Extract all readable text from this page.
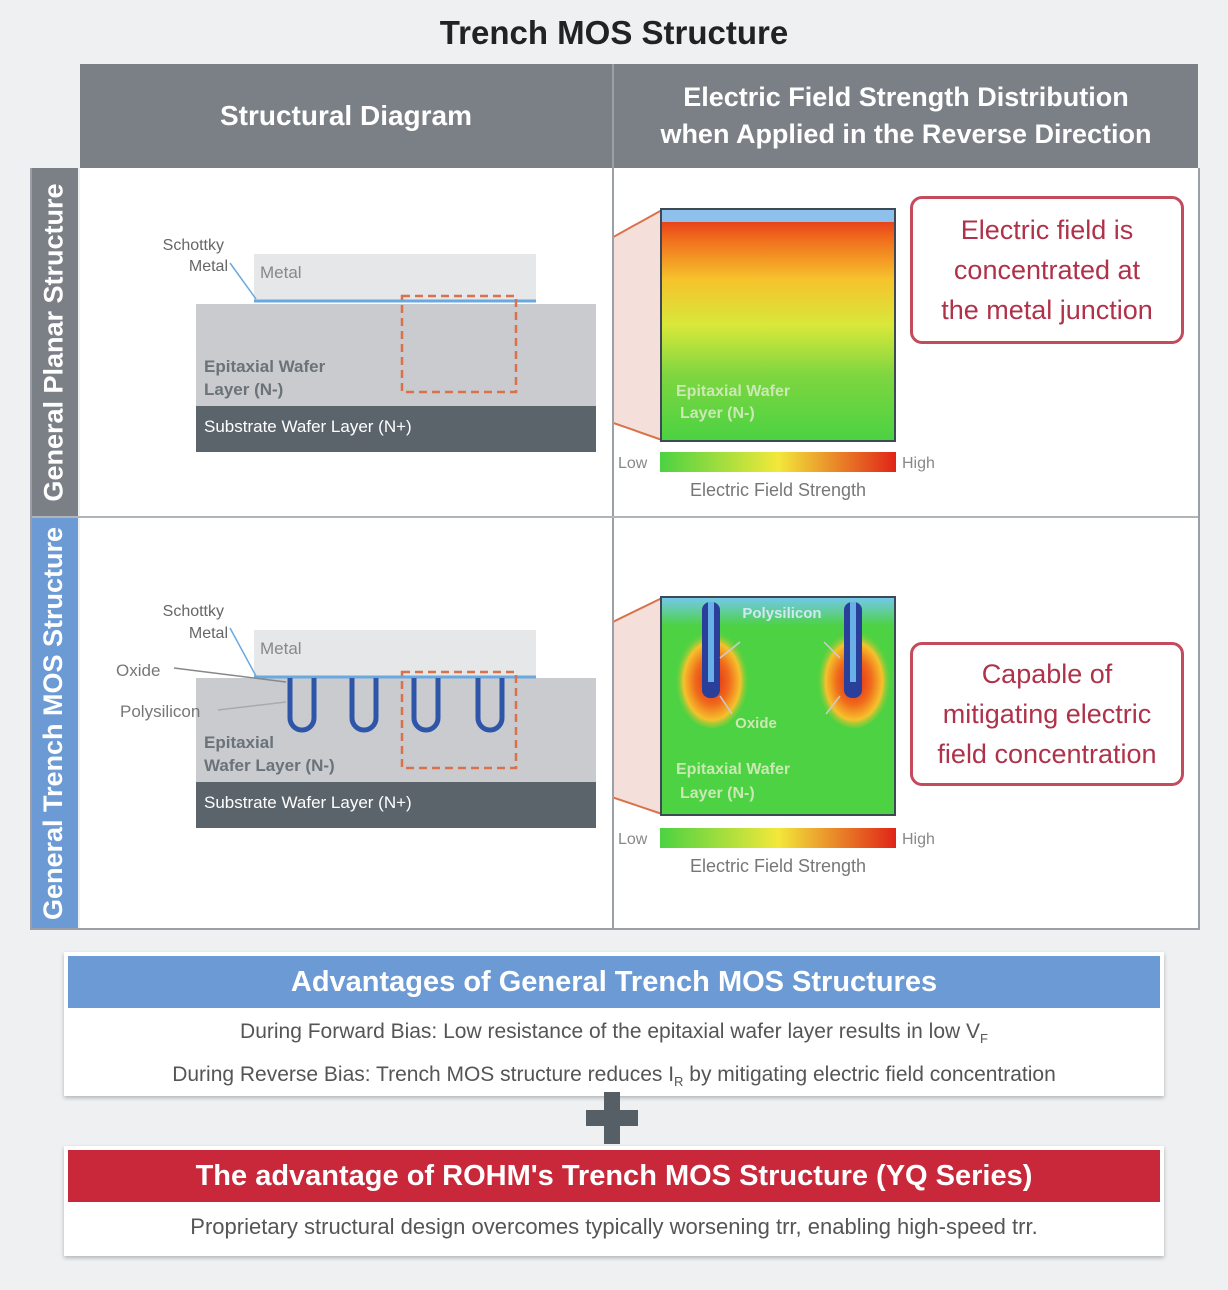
Trench MOS Structure
Structural Diagram
Electric Field Strength Distribution
when Applied in the Reverse Direction
General Planar Structure
General Trench MOS Structure
Schottky
Metal Metal
Epitaxial Wafer
Layer (N-)
Substrate Wafer Layer (N+)
Epitaxial Wafer
Layer (N-)
Low	High
Electric Field Strength
Schottky
Metal
Metal
Oxide
Polysilicon
Epitaxial
Wafer Layer (N-)
Substrate Wafer Layer (N+)
Polysilicon
Oxide
Epitaxial Wafer
Layer (N-)
Low	High
Electric Field Strength
Electric field is
concentrated at
the metal junction
Capable of
mitigating electric
field concentration
Advantages of General Trench MOS Structures
During Forward Bias: Low resistance of the epitaxial wafer layer results in low $V_F$
During Reverse Bias: Trench MOS structure reduces $I_R$ by mitigating electric field concentration
The advantage of ROHM's Trench MOS Structure (YQ Series)
Proprietary structural design overcomes typically worsening trr, enabling high-speed trr.
